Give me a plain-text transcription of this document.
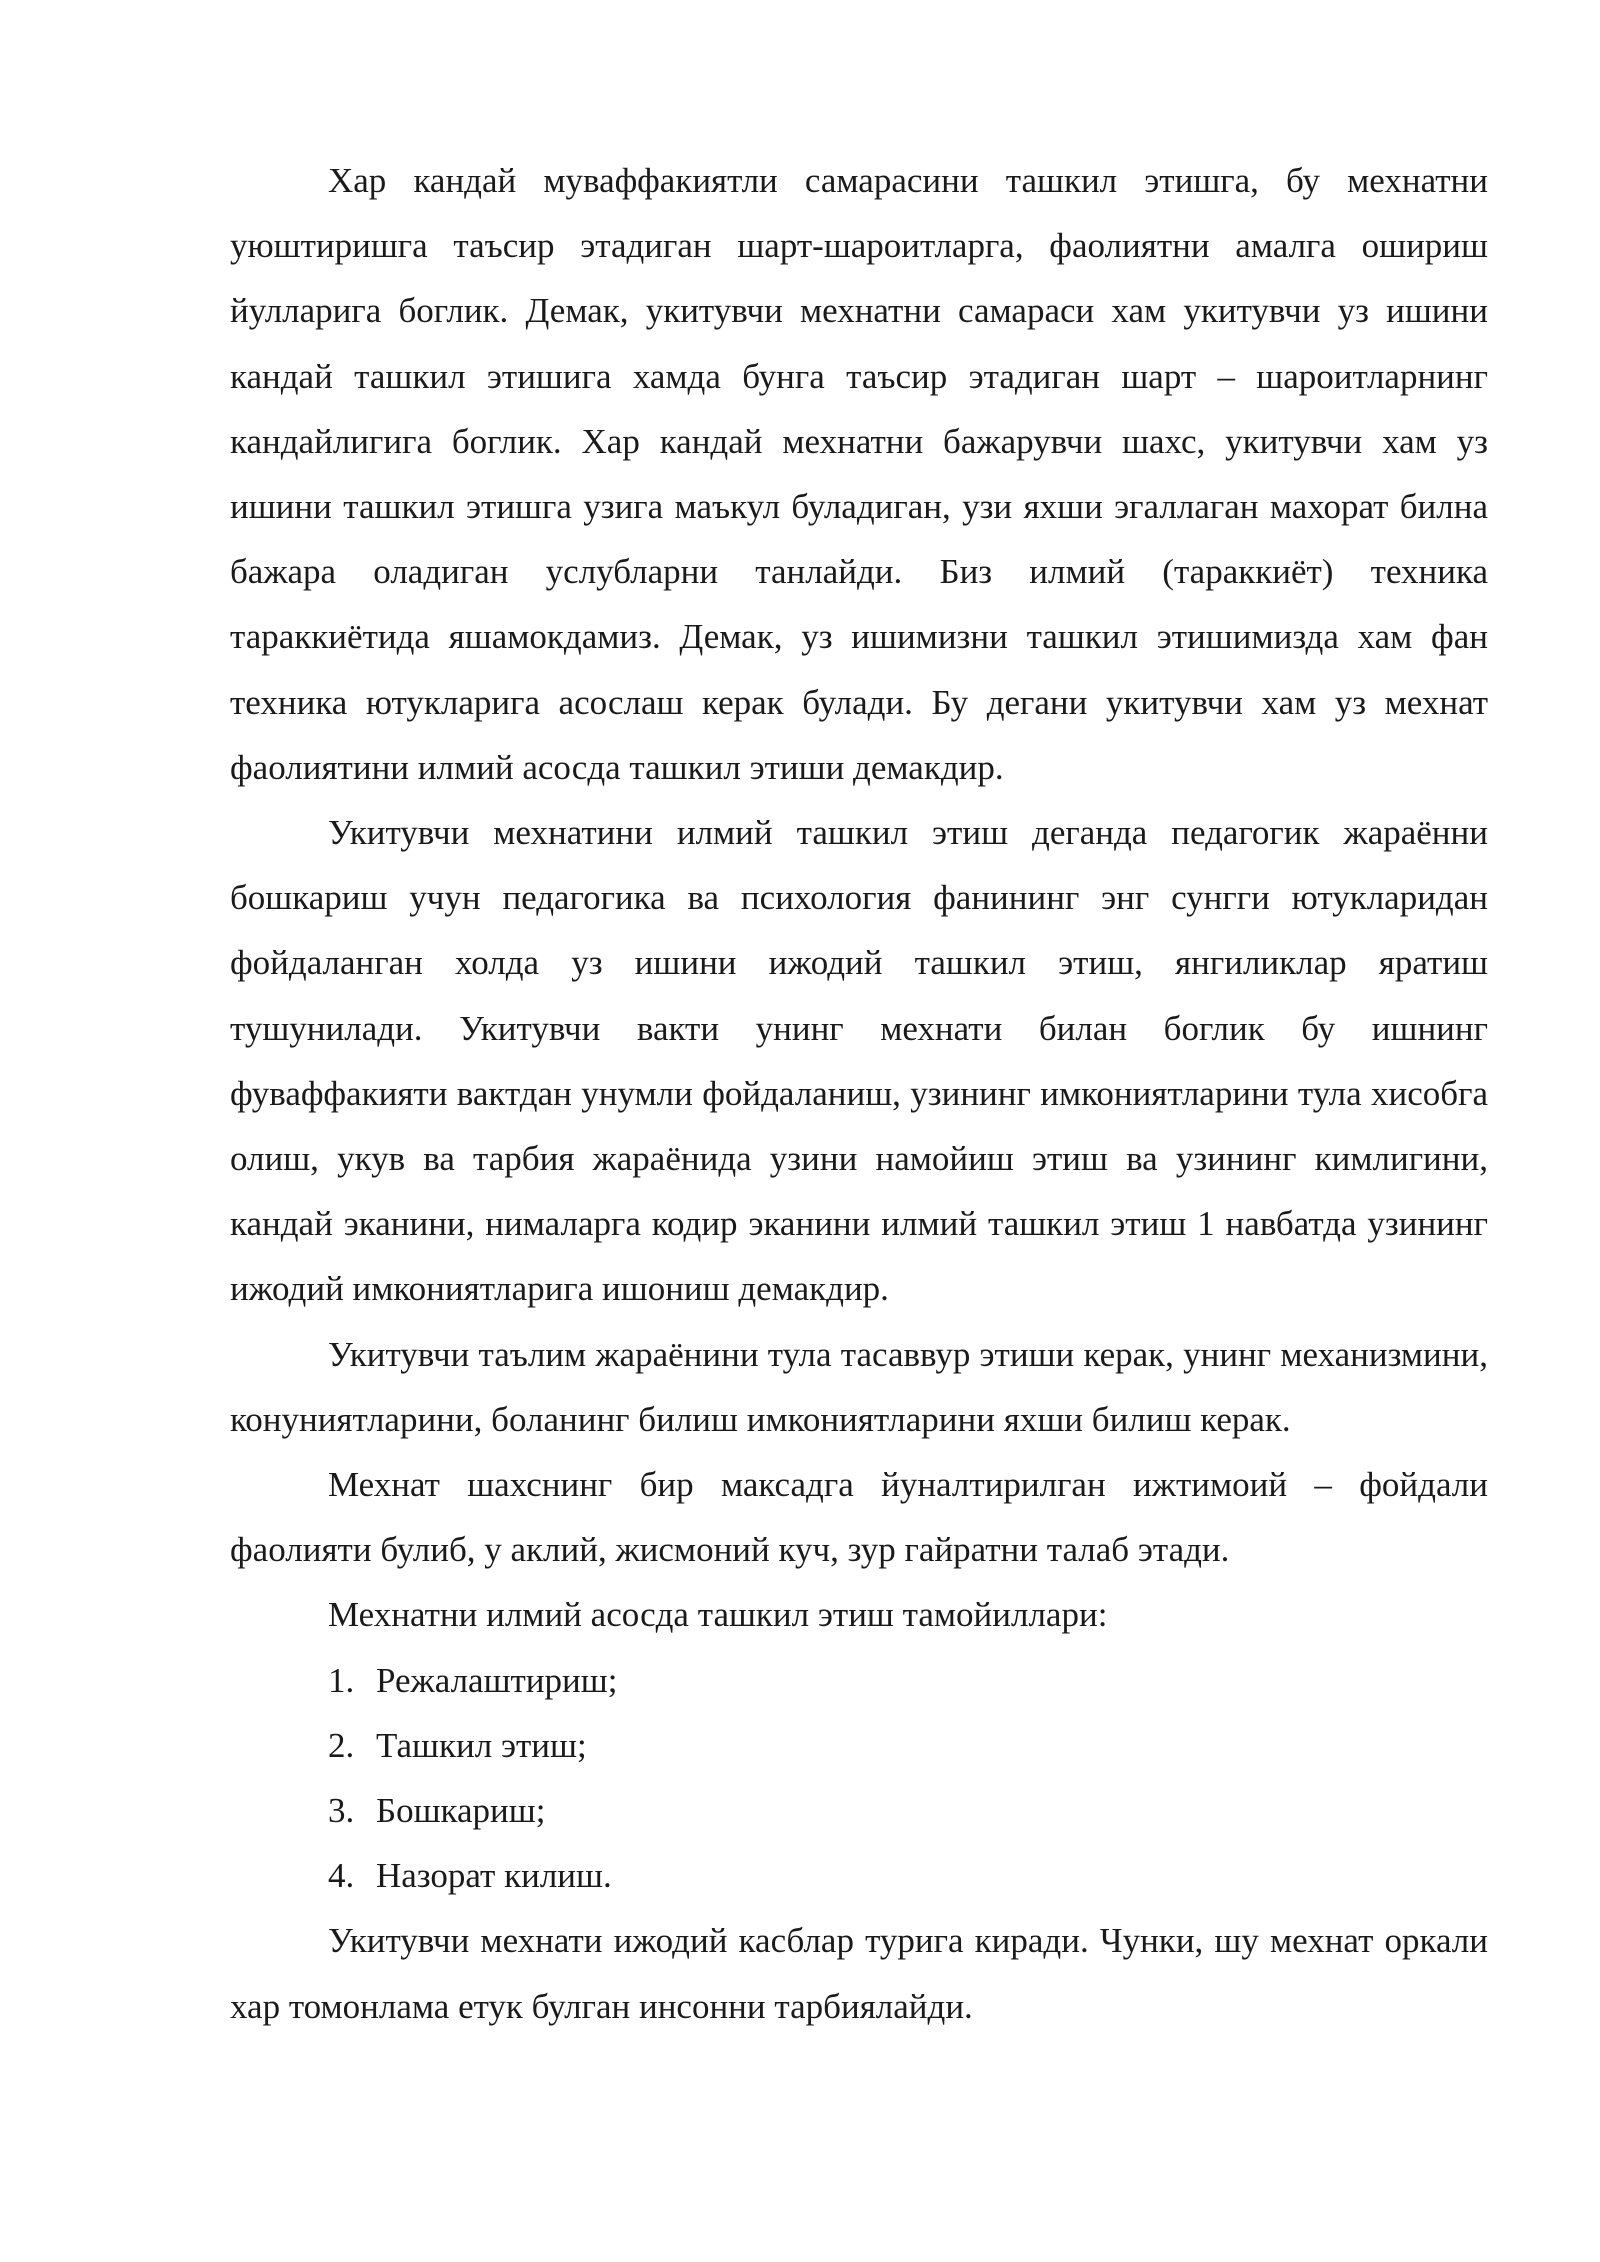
Хар кандай муваффакиятли самарасини ташкил этишга, бу мехнатни уюштиришга таъсир этадиган шарт-шароитларга, фаолиятни амалга ошириш йулларига боглик. Демак, укитувчи мехнатни самараси хам укитувчи уз ишини кандай ташкил этишига хамда бунга таъсир этадиган шарт – шароитларнинг кандайлигига боглик. Хар кандай мехнатни бажарувчи шахс, укитувчи хам уз ишини ташкил этишга узига маъкул буладиган, узи яхши эгаллаган махорат билна бажара оладиган услубларни танлайди. Биз илмий (тараккиёт) техника тараккиётида яшамокдамиз. Демак, уз ишимизни ташкил этишимизда хам фан техника ютукларига асослаш керак булади. Бу дегани укитувчи хам уз мехнат фаолиятини илмий асосда ташкил этиши демакдир.

Укитувчи мехнатини илмий ташкил этиш деганда педагогик жараённи бошкариш учун педагогика ва психология фанининг энг сунгги ютукларидан фойдаланган холда уз ишини ижодий ташкил этиш, янгиликлар яратиш тушунилади. Укитувчи вакти унинг мехнати билан боглик бу ишнинг фуваффакияти вактдан унумли фойдаланиш, узининг имкониятларини тула хисобга олиш, укув ва тарбия жараёнида узини намойиш этиш ва узининг кимлигини, кандай эканини, нималарга кодир эканини илмий ташкил этиш 1 навбатда узининг ижодий имкониятларига ишониш демакдир.

Укитувчи таълим жараёнини тула тасаввур этиши керак, унинг механизмини, конуниятларини, боланинг билиш имкониятларини яхши билиш керак.

Мехнат шахснинг бир максадга йуналтирилган ижтимоий – фойдали фаолияти булиб, у аклий, жисмоний куч, зур гайратни талаб этади.

Мехнатни илмий асосда ташкил этиш тамойиллари:

1. Режалаштириш;
2. Ташкил этиш;
3. Бошкариш;
4. Назорат килиш.

Укитувчи мехнати ижодий касблар турига киради. Чунки, шу мехнат оркали хар томонлама етук булган инсонни тарбиялайди.
